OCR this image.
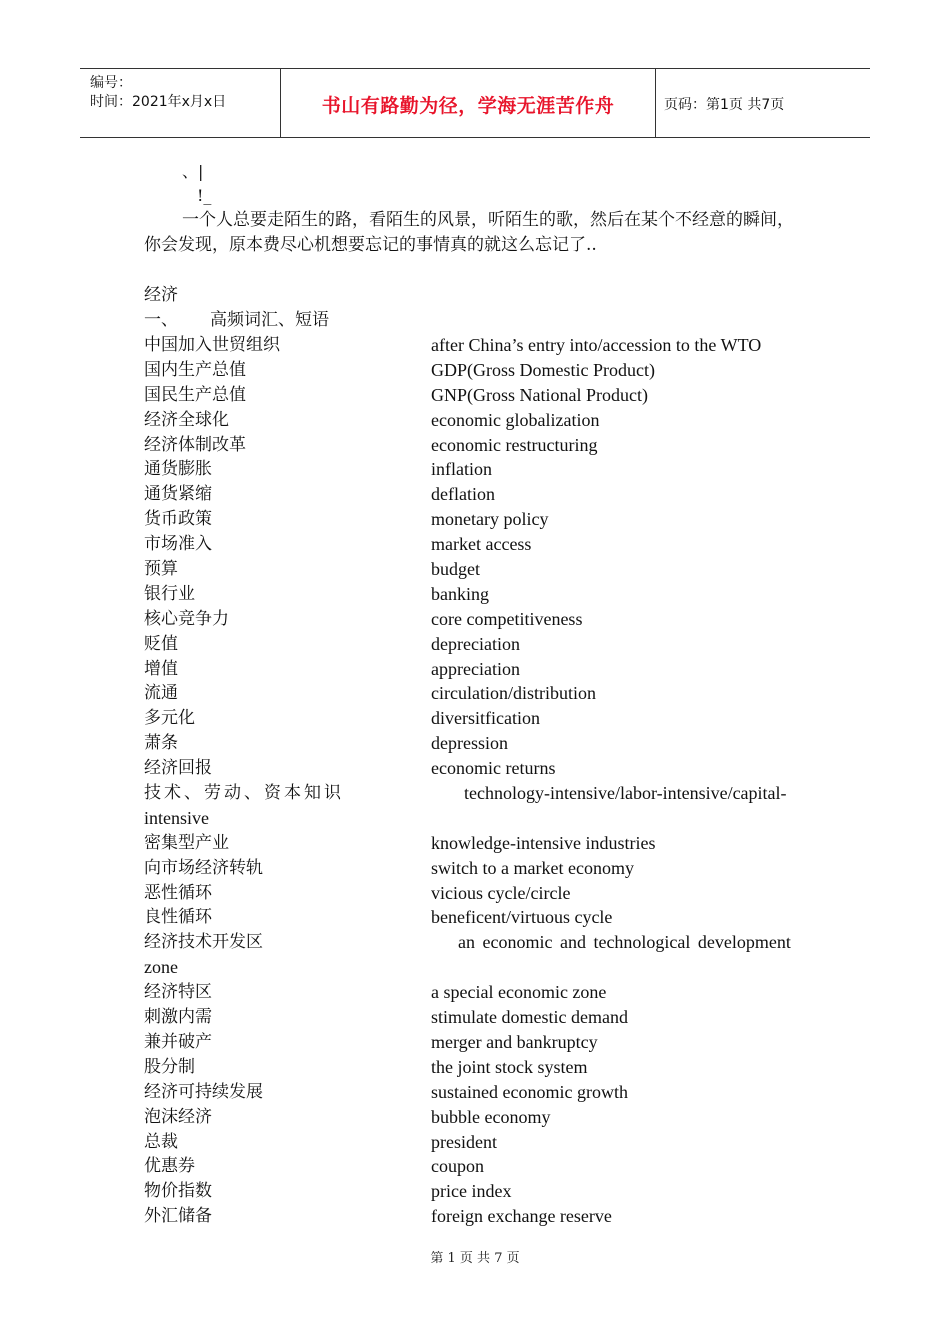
编号：
时间：2021年x月x日	书山有路勤为径，学海无涯苦作舟	页码：第1页 共7页
、|
!_
一个人总要走陌生的路，看陌生的风景，听陌生的歌，然后在某个不经意的瞬间，你会发现，原本费尽心机想要忘记的事情真的就这么忘记了..
经济
一、 高频词汇、短语
中国加入世贸组织	after China’s entry into/accession to the WTO
国内生产总值	GDP(Gross Domestic Product)
国民生产总值	GNP(Gross National Product)
经济全球化	economic globalization
经济体制改革	economic restructuring
通货膨胀	inflation
通货紧缩	deflation
货币政策	monetary policy
市场准入	market access
预算	budget
银行业	banking
核心竞争力	core competitiveness
贬值	depreciation
增值	appreciation
流通	circulation/distribution
多元化	diversitfication
萧条	depression
经济回报	economic returns
技术、劳动、资本知识	technology-intensive/labor-intensive/capital-
intensive
密集型产业	knowledge-intensive industries
向市场经济转轨	switch to a market economy
恶性循环	vicious cycle/circle
良性循环	beneficent/virtuous cycle
经济技术开发区	an economic and technological development
zone
经济特区	a special economic zone
刺激内需	stimulate domestic demand
兼并破产	merger and bankruptcy
股分制	the joint stock system
经济可持续发展	sustained economic growth
泡沫经济	bubble economy
总裁	president
优惠券	coupon
物价指数	price index
外汇储备	foreign exchange reserve
第 1 页 共 7 页
